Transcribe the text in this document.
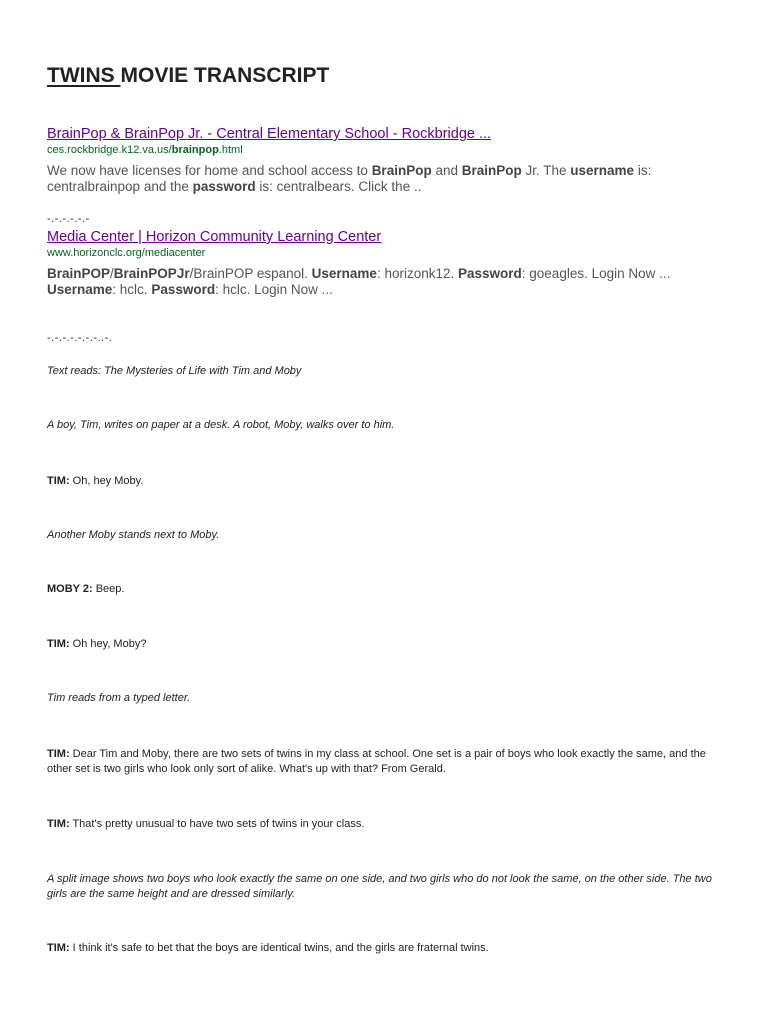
TWINS MOVIE TRANSCRIPT
BrainPop & BrainPop Jr. - Central Elementary School - Rockbridge ...
ces.rockbridge.k12.va.us/brainpop.html
We now have licenses for home and school access to BrainPop and BrainPop Jr. The username is: centralbrainpop and the password is: centralbears. Click the ..
-.-.-.-.-.-
Media Center | Horizon Community Learning Center
www.horizonclc.org/mediacenter
BrainPOP/BrainPOPJr/BrainPOP espanol. Username: horizonk12. Password: goeagles. Login Now ... Username: hclc. Password: hclc. Login Now ...
-.-.-.-.-.-.-..-.
Text reads: The Mysteries of Life with Tim and Moby
A boy, Tim, writes on paper at a desk. A robot, Moby, walks over to him.
TIM: Oh, hey Moby.
Another Moby stands next to Moby.
MOBY 2: Beep.
TIM: Oh hey, Moby?
Tim reads from a typed letter.
TIM: Dear Tim and Moby, there are two sets of twins in my class at school. One set is a pair of boys who look exactly the same, and the other set is two girls who look only sort of alike. What's up with that? From Gerald.
TIM: That's pretty unusual to have two sets of twins in your class.
A split image shows two boys who look exactly the same on one side, and two girls who do not look the same, on the other side. The two girls are the same height and are dressed similarly.
TIM: I think it's safe to bet that the boys are identical twins, and the girls are fraternal twins.
